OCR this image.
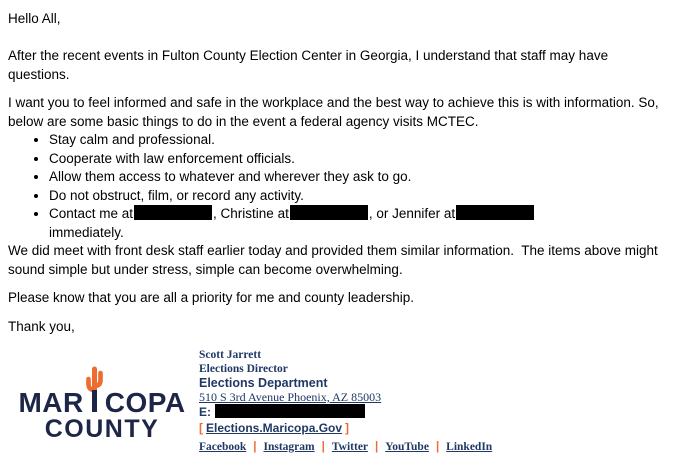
Hello All,

After the recent events in Fulton County Election Center in Georgia, I understand that staff may have questions.

I want you to feel informed and safe in the workplace and the best way to achieve this is with information. So, below are some basic things to do in the event a federal agency visits MCTEC.

• Stay calm and professional.
• Cooperate with law enforcement officials.
• Allow them access to whatever and wherever they ask to go.
• Do not obstruct, film, or record any activity.
• Contact me at	, Christine at	, or Jennifer at
immediately.

We did meet with front desk staff earlier today and provided them similar information.  The items above might sound simple but under stress, simple can become overwhelming.

Please know that you are all a priority for me and county leadership.

Thank you,

MAR COPA
COUNTY
Scott Jarrett
Elections Director
Elections Department
510 S 3rd Avenue Phoenix, AZ 85003
E:
[ Elections.Maricopa.Gov ]
Facebook | Instagram | Twitter | YouTube | LinkedIn
